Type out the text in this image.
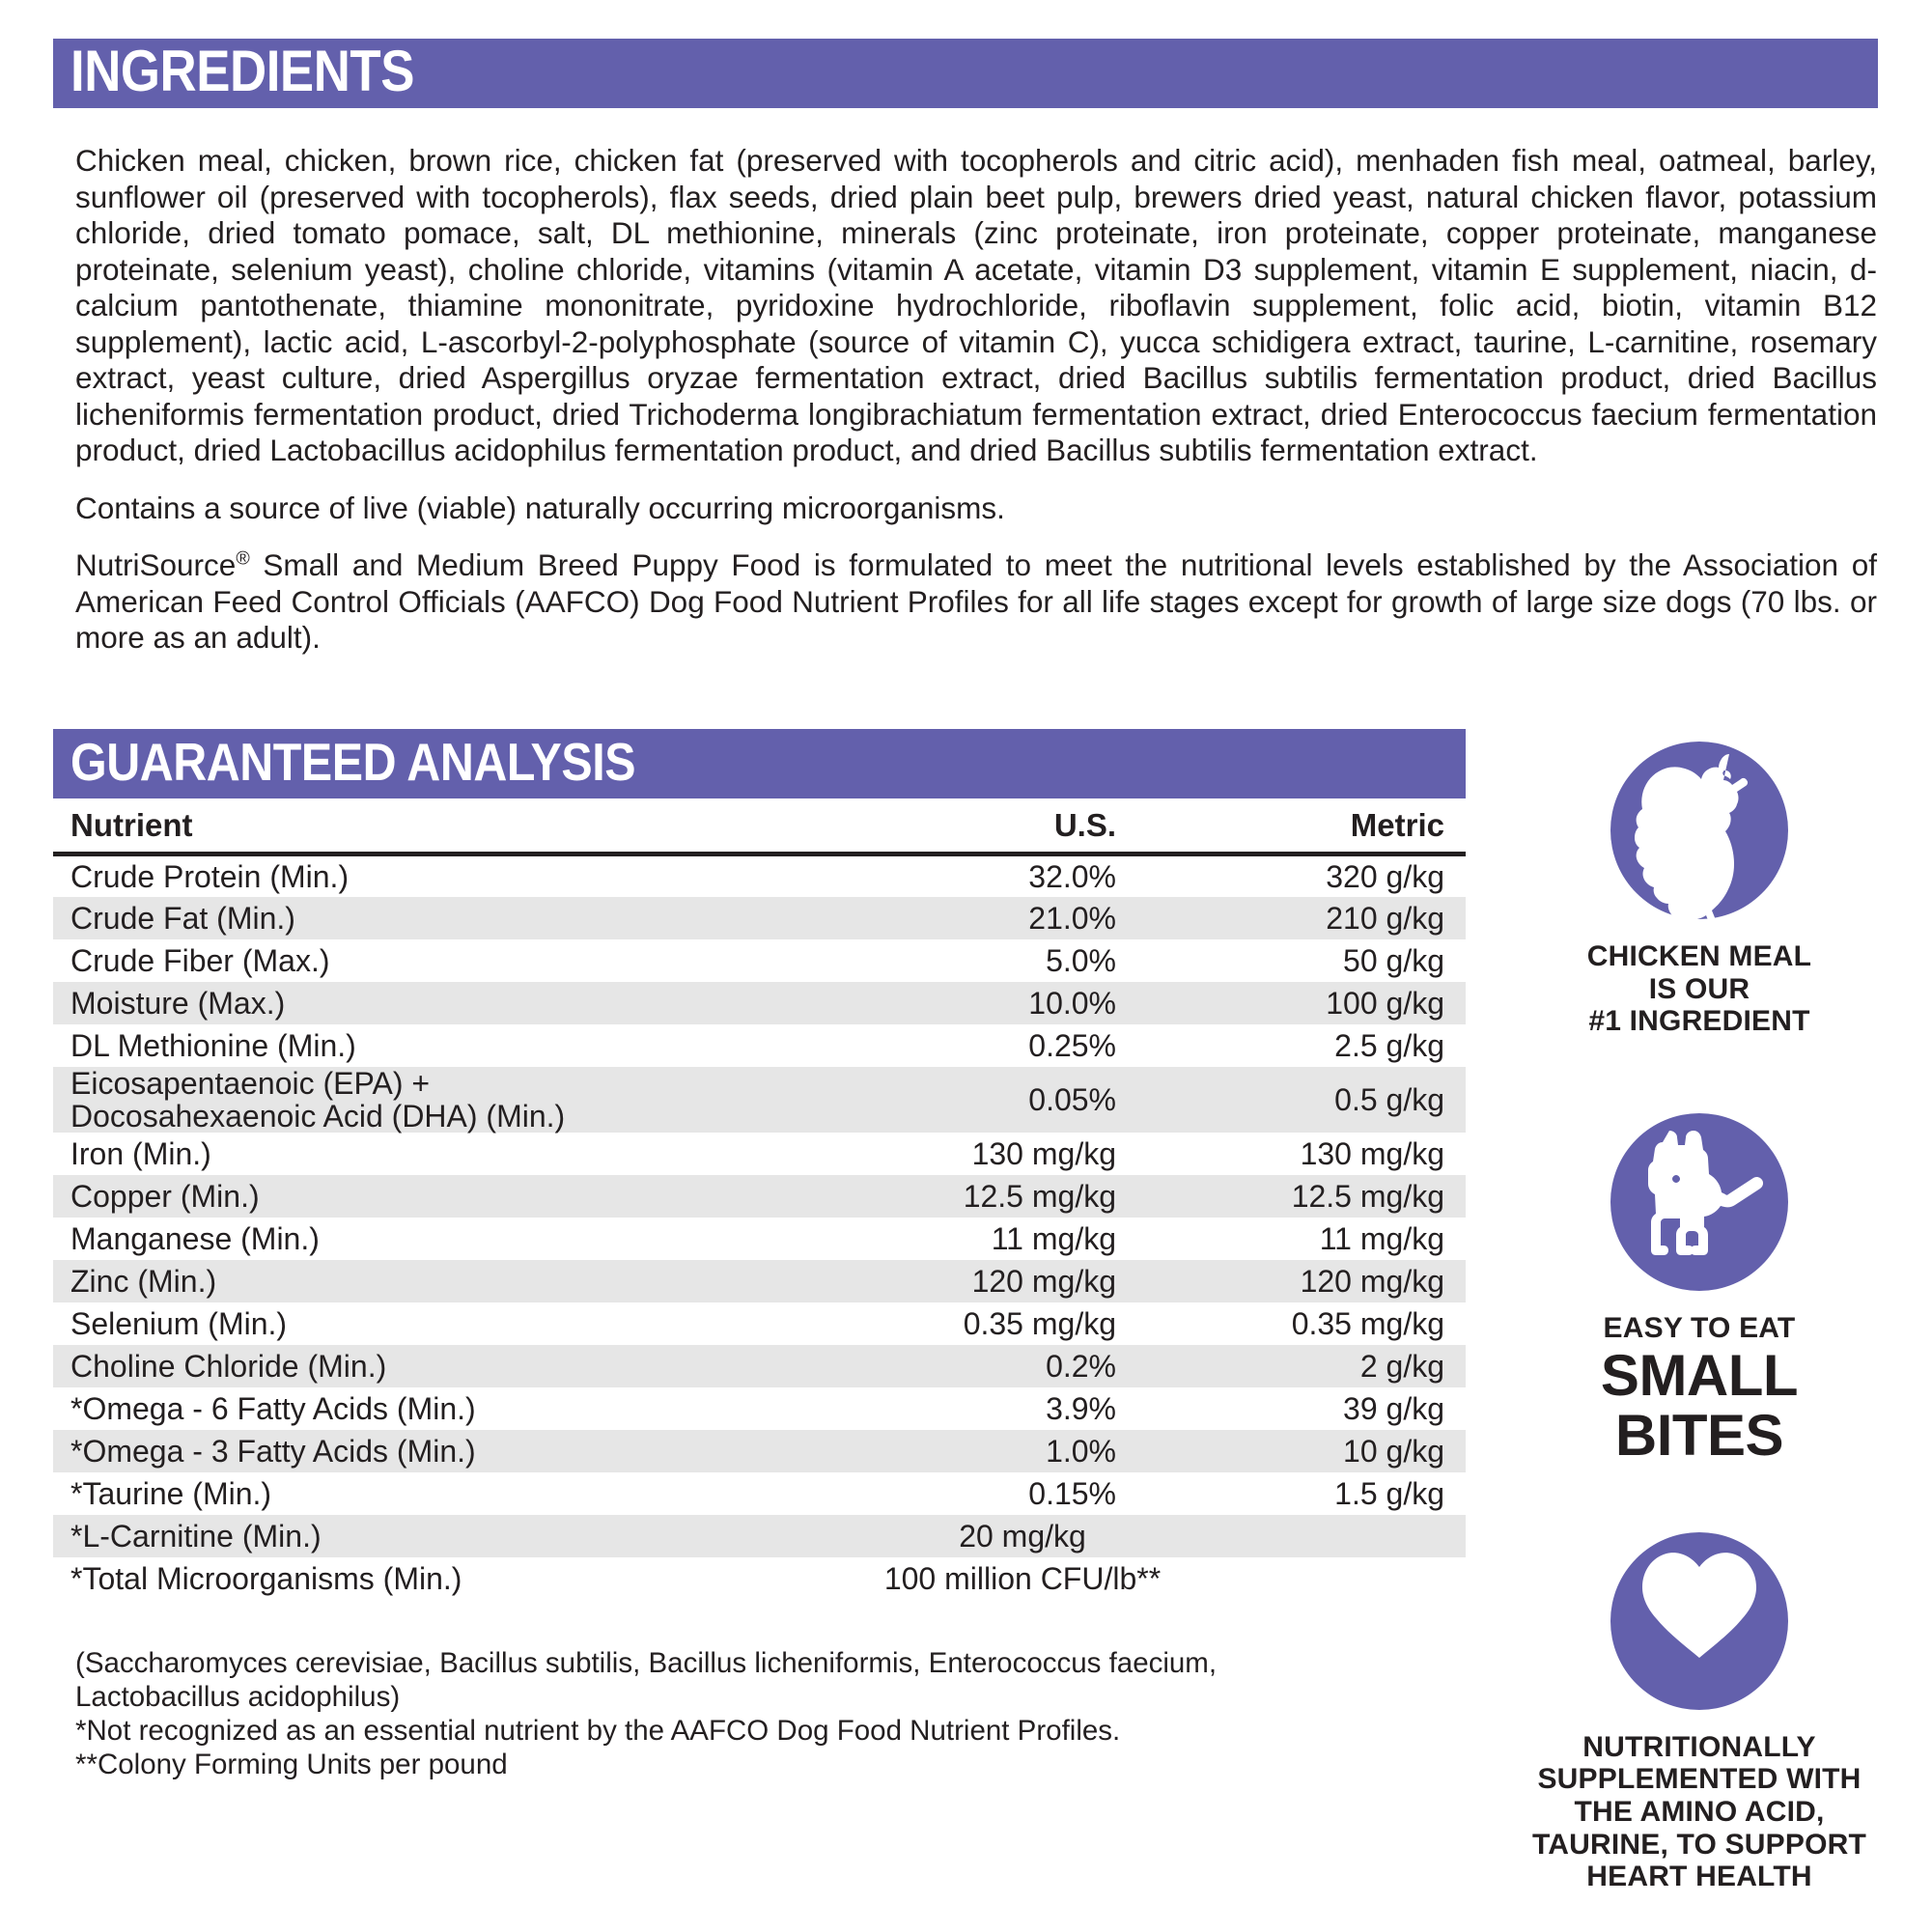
INGREDIENTS

Chicken meal, chicken, brown rice, chicken fat (preserved with tocopherols and citric acid), menhaden fish meal, oatmeal, barley, sunflower oil (preserved with tocopherols), flax seeds, dried plain beet pulp, brewers dried yeast, natural chicken flavor, potassium chloride, dried tomato pomace, salt, DL methionine, minerals (zinc proteinate, iron proteinate, copper proteinate, manganese proteinate, selenium yeast), choline chloride, vitamins (vitamin A acetate, vitamin D3 supplement, vitamin E supplement, niacin, d-calcium pantothenate, thiamine mononitrate, pyridoxine hydrochloride, riboflavin supplement, folic acid, biotin, vitamin B12 supplement), lactic acid, L-ascorbyl-2-polyphosphate (source of vitamin C), yucca schidigera extract, taurine, L-carnitine, rosemary extract, yeast culture, dried Aspergillus oryzae fermentation extract, dried Bacillus subtilis fermentation product, dried Bacillus licheniformis fermentation product, dried Trichoderma longibrachiatum fermentation extract, dried Enterococcus faecium fermentation product, dried Lactobacillus acidophilus fermentation product, and dried Bacillus subtilis fermentation extract.

Contains a source of live (viable) naturally occurring microorganisms.

NutriSource® Small and Medium Breed Puppy Food is formulated to meet the nutritional levels established by the Association of American Feed Control Officials (AAFCO) Dog Food Nutrient Profiles for all life stages except for growth of large size dogs (70 lbs. or more as an adult).

GUARANTEED ANALYSIS
Nutrient	U.S.	Metric
Crude Protein (Min.)	32.0%	320 g/kg
Crude Fat (Min.)	21.0%	210 g/kg
Crude Fiber (Max.)	5.0%	50 g/kg
Moisture (Max.)	10.0%	100 g/kg
DL Methionine (Min.)	0.25%	2.5 g/kg

Eicosapentaenoic (EPA) +
Docosahexaenoic Acid (DHA) (Min.)	0.05%	0.5 g/kg
Iron (Min.)	130 mg/kg	130 mg/kg
Copper (Min.)	12.5 mg/kg	12.5 mg/kg
Manganese (Min.)	11 mg/kg	11 mg/kg
Zinc (Min.)	120 mg/kg	120 mg/kg
Selenium (Min.)	0.35 mg/kg	0.35 mg/kg
Choline Chloride (Min.)	0.2%	2 g/kg
*Omega - 6 Fatty Acids (Min.)	3.9%	39 g/kg
*Omega - 3 Fatty Acids (Min.)	1.0%	10 g/kg
*Taurine (Min.)	0.15%	1.5 g/kg
*L-Carnitine (Min.)	20 mg/kg	
*Total Microorganisms (Min.)	100 million CFU/lb**	
(Saccharomyces cerevisiae, Bacillus subtilis, Bacillus licheniformis, Enterococcus faecium,
Lactobacillus acidophilus)
*Not recognized as an essential nutrient by the AAFCO Dog Food Nutrient Profiles.
**Colony Forming Units per pound
CHICKEN MEAL
IS OUR
#1 INGREDIENT
EASY TO EAT
SMALL
BITES
NUTRITIONALLY
SUPPLEMENTED WITH
THE AMINO ACID,
TAURINE, TO SUPPORT
HEART HEALTH
